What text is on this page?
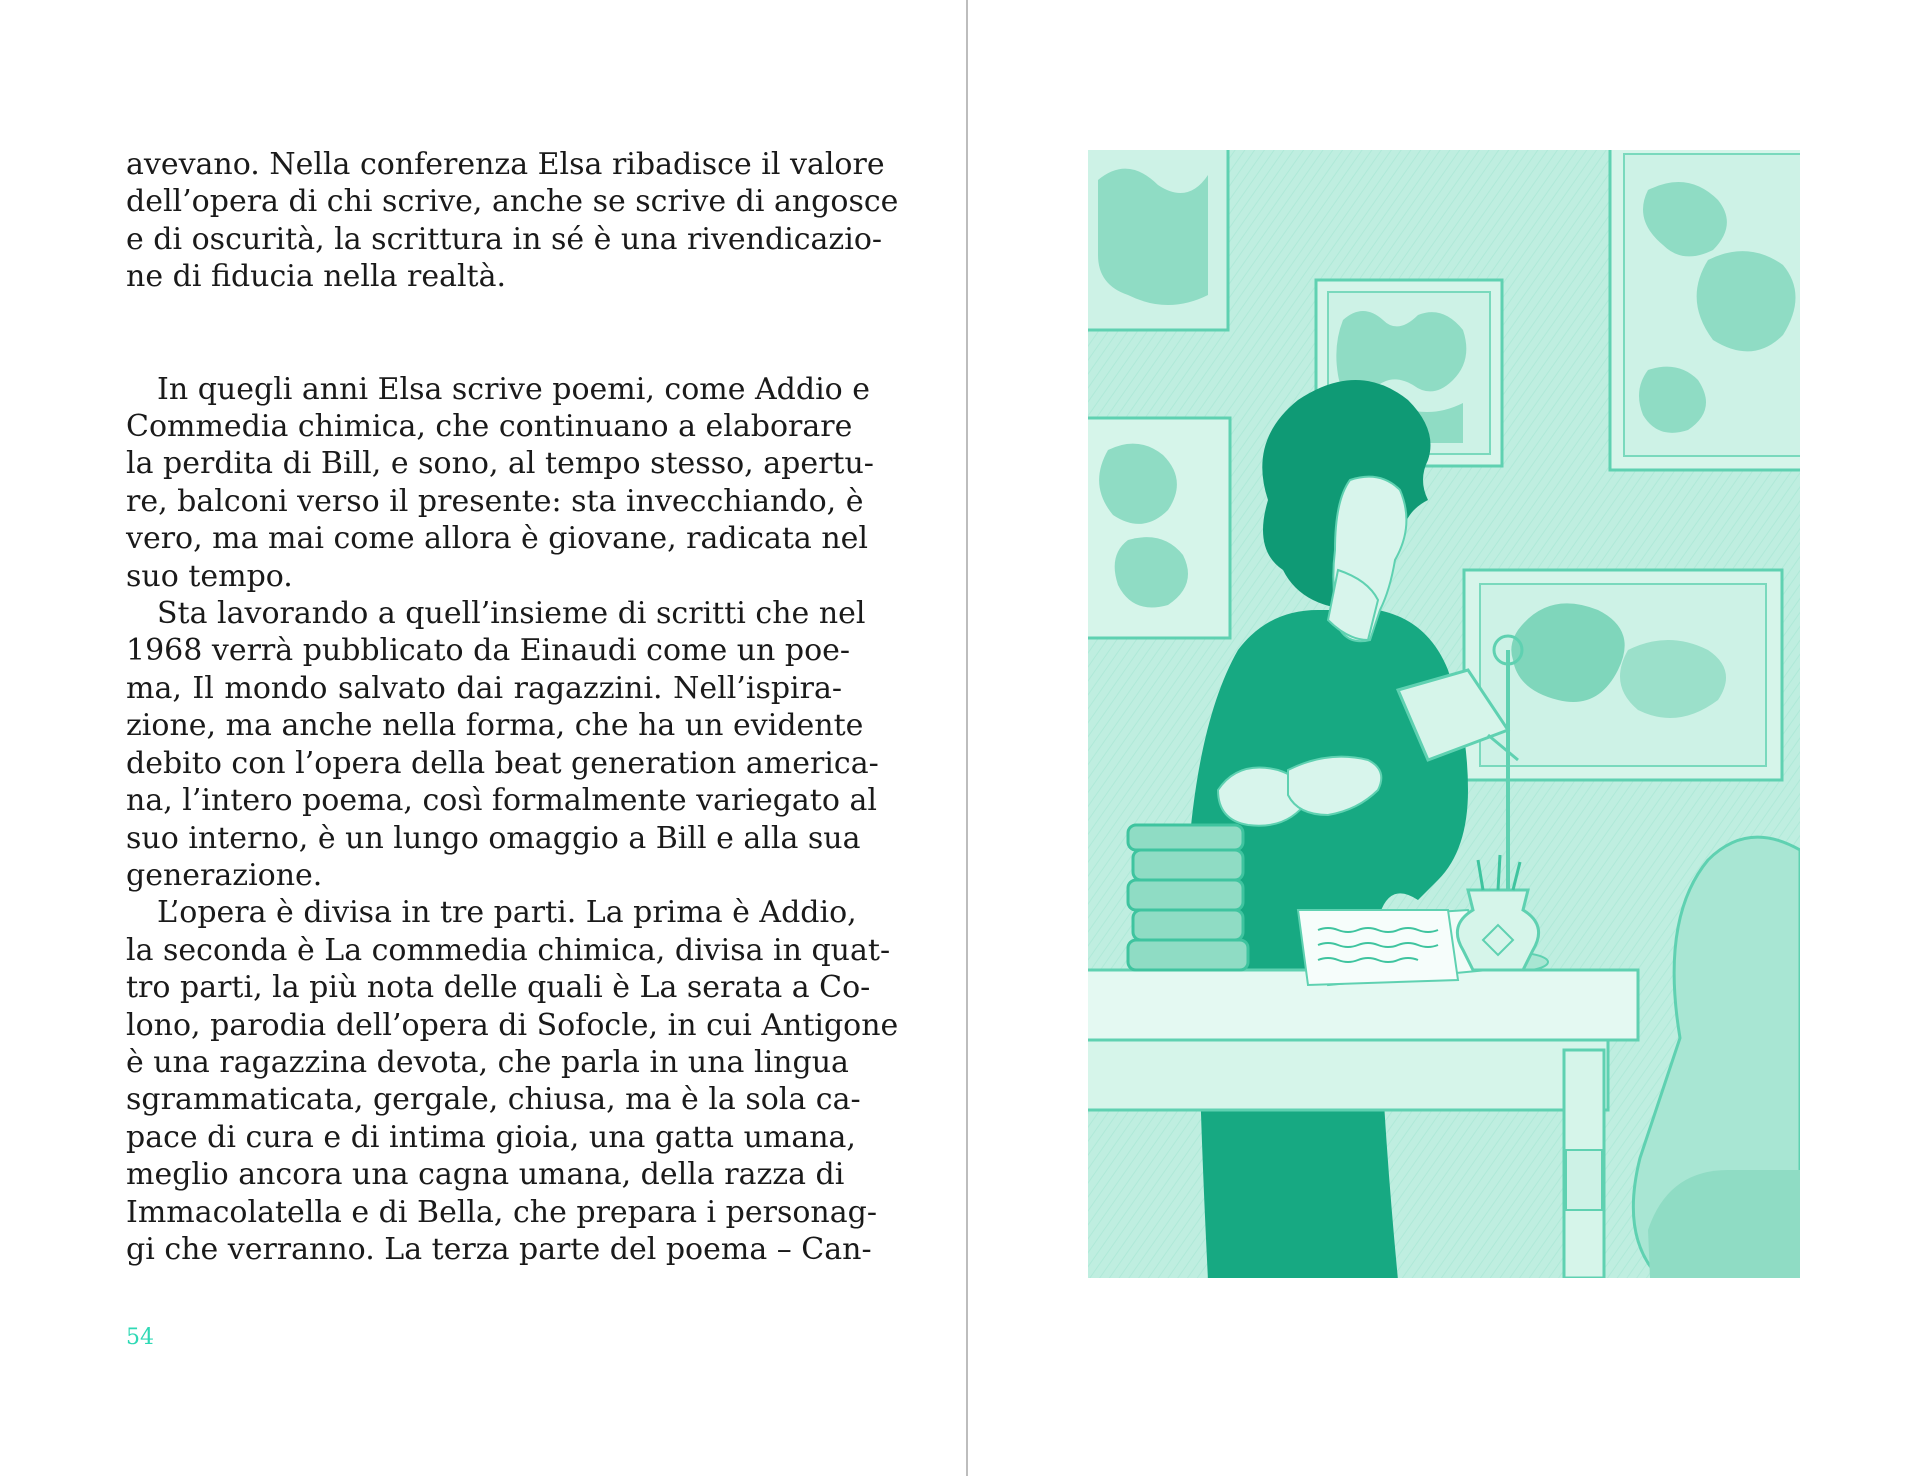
avevano. Nella conferenza Elsa ribadisce il valore
dell’opera di chi scrive, anche se scrive di angosce
e di oscurità, la scrittura in sé è una rivendicazio-
ne di fiducia nella realtà.

In quegli anni Elsa scrive poemi, come Addio e
Commedia chimica, che continuano a elaborare
la perdita di Bill, e sono, al tempo stesso, apertu-
re, balconi verso il presente: sta invecchiando, è
vero, ma mai come allora è giovane, radicata nel
suo tempo.

Sta lavorando a quell’insieme di scritti che nel
1968 verrà pubblicato da Einaudi come un poe-
ma, Il mondo salvato dai ragazzini. Nell’ispira-
zione, ma anche nella forma, che ha un evidente
debito con l’opera della beat generation america-
na, l’intero poema, così formalmente variegato al
suo interno, è un lungo omaggio a Bill e alla sua
generazione.

L’opera è divisa in tre parti. La prima è Addio,
la seconda è La commedia chimica, divisa in quat-
tro parti, la più nota delle quali è La serata a Co-
lono, parodia dell’opera di Sofocle, in cui Antigone
è una ragazzina devota, che parla in una lingua
sgrammaticata, gergale, chiusa, ma è la sola ca-
pace di cura e di intima gioia, una gatta umana,
meglio ancora una cagna umana, della razza di
Immacolatella e di Bella, che prepara i personag-
gi che verranno. La terza parte del poema – Can-

54
